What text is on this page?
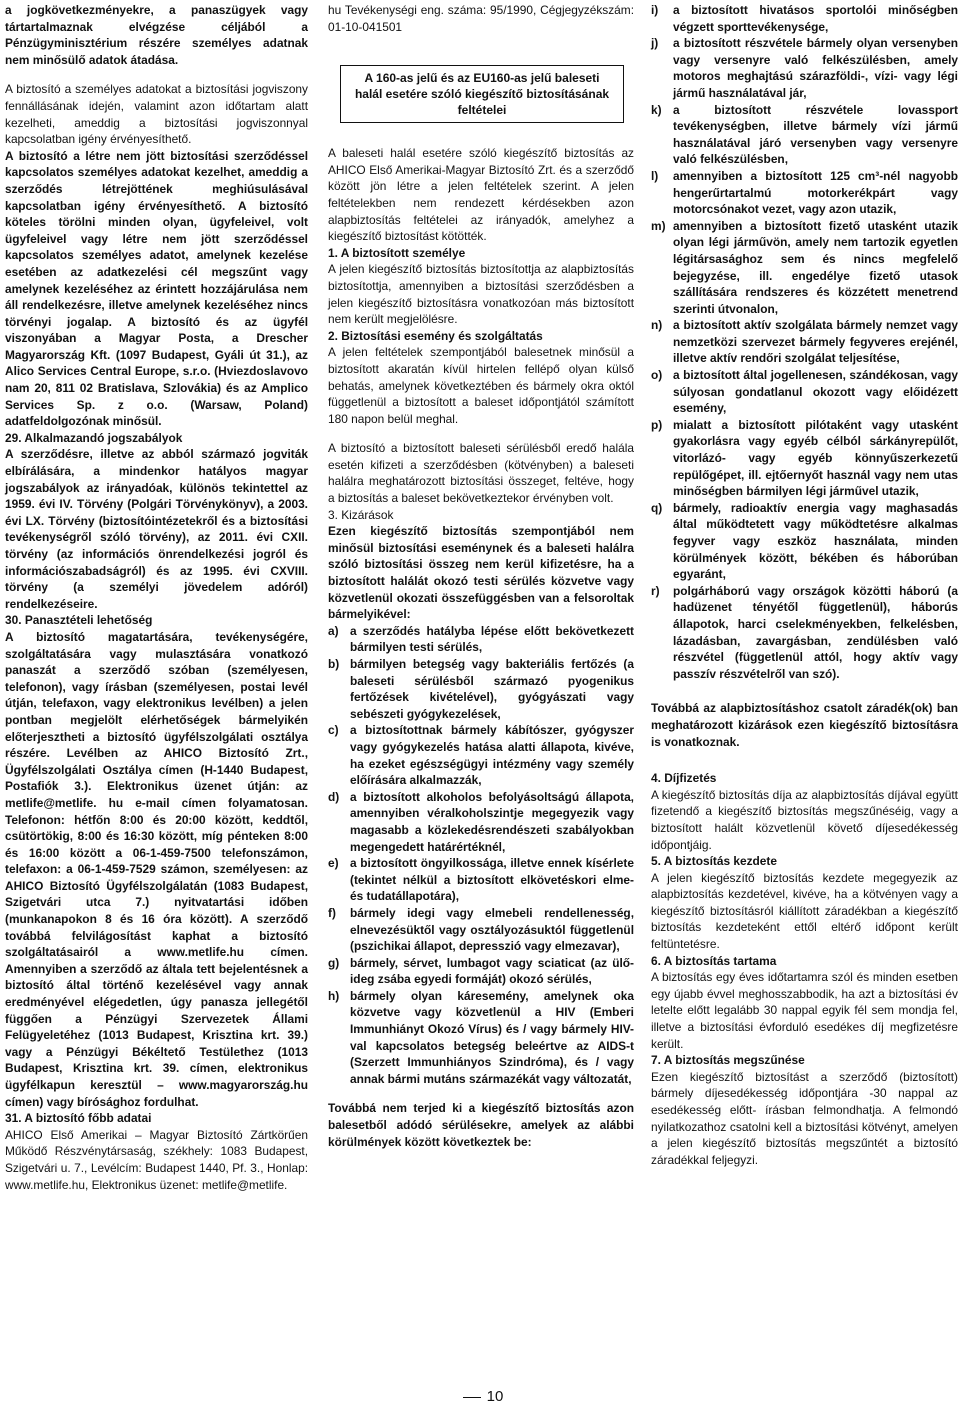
a jogkövetkezményekre, a panaszügyek vagy tártartalmaznak elvégzése céljából a Pénzügyminisztérium részére személyes adatnak nem minősülő adatok átadása.

A biztosító a személyes adatokat a biztosítási jogviszony fennállásának idején, valamint azon időtartam alatt kezelheti, ameddig a biztosítási jogviszonnyal kapcsolatban igény érvényesíthető.

A biztosító a létre nem jött biztosítási szerződéssel kapcsolatos személyes adatokat kezelhet, ameddig a szerződés létrejöttének meghiúsulásával kapcsolatban igény érvényesíthető. A biztosító köteles törölni minden olyan, ügyfeleivel, volt ügyfeleivel vagy létre nem jött szerződéssel kapcsolatos személyes adatot, amelynek kezelése esetében az adatkezelési cél megszűnt vagy amelynek kezeléséhez az érintett hozzájárulása nem áll rendelkezésre, illetve amelynek kezeléséhez nincs törvényi jogalap. A biztosító és az ügyfél viszonyában a Magyar Posta, a Drescher Magyarország Kft. (1097 Budapest, Gyáli út 31.), az Alico Services Central Europe, s.r.o. (Hviezdoslavovo nam 20, 811 02 Bratislava, Szlovákia) és az Amplico Services Sp. z o.o. (Warsaw, Poland) adatfeldolgozónak minősül.

29. Alkalmazandó jogszabályok

A szerződésre, illetve az abból származó jogviták elbírálására, a mindenkor hatályos magyar jogszabályok az irányadóak, különös tekintettel az 1959. évi IV. Törvény (Polgári Törvénykönyv), a 2003. évi LX. Törvény (biztosítóintézetekről és a biztosítási tevékenységről szóló törvény), az 2011. évi CXII. törvény (az információs önrendelkezési jogról és információszabadságról) és az 1995. évi CXVIII. törvény (a személyi jövedelem adóról) rendelkezéseire.

30. Panasztételi lehetőség

A biztosító magatartására, tevékenységére, szolgáltatására vagy mulasztására vonatkozó panaszát a szerződő szóban (személyesen, telefonon), vagy írásban (személyesen, postai levél útján, telefaxon, vagy elektronikus levélben) a jelen pontban megjelölt elérhetőségek bármelyikén előterjesztheti a biztosító ügyfélszolgálati osztálya részére. Levélben az AHICO Biztosító Zrt., Ügyfélszolgálati Osztálya címen (H-1440 Budapest, Postafiók 3.). Elektronikus üzenet útján: az metlife@metlife. hu e-mail címen folyamatosan. Telefonon: hétfőn 8:00 és 20:00 között, keddtől, csütörtökig, 8:00 és 16:30 között, míg pénteken 8:00 és 16:00 között a 06-1-459-7500 telefonszámon, telefaxon: a 06-1-459-7529 számon, személyesen: az AHICO Biztosító Ügyfélszolgálatán (1083 Budapest, Szigetvári utca 7.) nyitvatartási időben (munkanapokon 8 és 16 óra között). A szerződő továbbá felvilágosítást kaphat a biztosító szolgáltatásairól a www.metlife.hu címen. Amennyiben a szerződő az általa tett bejelentésnek a biztosító által történő kezelésével vagy annak eredményével elégedetlen, úgy panasza jellegétől függően a Pénzügyi Szervezetek Állami Felügyeletéhez (1013 Budapest, Krisztina krt. 39.) vagy a Pénzügyi Békéltető Testülethez (1013 Budapest, Krisztina krt. 39. címen, elektronikus ügyfélkapun keresztül – www.magyarország.hu címen) vagy bírósághoz fordulhat.

31. A biztosító főbb adatai

AHICO Első Amerikai – Magyar Biztosító Zártkörűen Működő Részvénytársaság, székhely: 1083 Budapest, Szigetvári u. 7., Levélcím: Budapest 1440, Pf. 3., Honlap: www.metlife.hu, Elektronikus üzenet: metlife@metlife.

hu Tevékenységi eng. száma: 95/1990, Cégjegyzékszám: 01-10-041501

A 160-as jelű és az EU160-as jelű baleseti halál esetére szóló kiegészítő biztosításának feltételei

A baleseti halál esetére szóló kiegészítő biztosítás az AHICO Első Amerikai-Magyar Biztosító Zrt. és a szerződő között jön létre a jelen feltételek szerint. A jelen feltételekben nem rendezett kérdésekben azon alapbiztosítás feltételei az irányadók, amelyhez a kiegészítő biztosítást kötötték.

1. A biztosított személye

A jelen kiegészítő biztosítás biztosítottja az alapbiztosítás biztosítottja, amennyiben a biztosítási szerződésben a jelen kiegészítő biztosításra vonatkozóan más biztosított nem került megjelölésre.

2. Biztosítási esemény és szolgáltatás

A jelen feltételek szempontjából balesetnek minősül a biztosított akaratán kívül hirtelen fellépő olyan külső behatás, amelynek következtében és bármely okra októl függetlenül a biztosított a baleset időpontjától számított 180 napon belül meghal.

A biztosító a biztosított baleseti sérülésből eredő halála esetén kifizeti a szerződésben (kötvényben) a baleseti halálra meghatározott biztosítási összeget, feltéve, hogy a biztosítás a baleset bekövetkeztekor érvényben volt.

3. Kizárások

Ezen kiegészítő biztosítás szempontjából nem minősül biztosítási eseménynek és a baleseti halálra szóló biztosítási összeg nem kerül kifizetésre, ha a biztosított halálát okozó testi sérülés közvetve vagy közvetlenül okozati összefüggésben van a felsoroltak bármelyikével:

a) a szerződés hatályba lépése előtt bekövetkezett bármilyen testi sérülés,
b) bármilyen betegség vagy bakteriális fertőzés (a baleseti sérülésből származó pyogenikus fertőzések kivételével), gyógyászati vagy sebészeti gyógykezelések,
c) a biztosítottnak bármely kábítószer, gyógyszer vagy gyógykezelés hatása alatti állapota, kivéve, ha ezeket egészségügyi intézmény vagy személy előírására alkalmazzák,
d) a biztosított alkoholos befolyásoltságú állapota, amennyiben véralkoholszintje megegyezik vagy magasabb a közlekedésrendészeti szabályokban megengedett határértéknél,
e) a biztosított öngyilkossága, illetve ennek kísérlete (tekintet nélkül a biztosított elkövetéskori elme- és tudatállapotára),
f)	bármely idegi vagy elmebeli rendellenesség, elnevezésüktől vagy osztályozásuktól függetlenül (pszichikai állapot, depresszió vagy elmezavar),
g) bármely, sérvet, lumbagot vagy sciaticat (az ülő-ideg zsába egyedi formáját) okozó sérülés,
h) bármely olyan káresemény, amelynek oka közvetve vagy közvetlenül a HIV (Emberi Immunhiányt Okozó Vírus) és / vagy bármely HIV-val kapcsolatos betegség beleértve az AIDS-t (Szerzett Immunhiányos Szindróma), és / vagy annak bármi mutáns származékát vagy változatát,

Továbbá nem terjed ki a kiegészítő biztosítás azon balesetből adódó sérülésekre, amelyek az alábbi körülmények között következtek be:

i)	a biztosított hivatásos sportolói minőségben végzett sporttevékenysége,
j)	a biztosított részvétele bármely olyan versenyben vagy versenyre való felkészülésben, amely motoros meghajtású szárazföldi-, vízi- vagy légi jármű használatával jár,
k) a biztosított részvétele lovassport tevékenységben, illetve bármely vízi jármű használatával járó versenyben vagy versenyre való felkészülésben,
l)	amennyiben a biztosított 125 cm³-nél nagyobb hengerűrtartalmú motorkerékpárt vagy motorcsónakot vezet, vagy azon utazik,
m) amennyiben a biztosított fizető utasként utazik olyan légi járművön, amely nem tartozik egyetlen légitársasághoz sem és nincs megfelelő bejegyzése, ill. engedélye fizető utasok szállítására rendszeres és közzétett menetrend szerinti útvonalon,
n) a biztosított aktív szolgálata bármely nemzet vagy nemzetközi szervezet bármely fegyveres erejénél, illetve aktív rendőri szolgálat teljesítése,
o) a biztosított által jogellenesen, szándékosan, vagy súlyosan gondatlanul okozott vagy előidézett esemény,
p) mialatt a biztosított pilótaként vagy utasként gyakorlásra vagy egyéb célból sárkányrepülőt, vitorlázó- vagy egyéb könnyűszerkezetű repülőgépet, ill. ejtőernyőt használ vagy nem utas minőségben bármilyen légi járművel utazik,
q) bármely, radioaktív energia vagy maghasadás által működtetett vagy működtetésre alkalmas fegyver vagy eszköz használata, minden körülmények között, békében és háborúban egyaránt,
r)	polgárháború vagy országok közötti háború (a hadüzenet tényétől függetlenül), háborús állapotok, harci cselekményekben, felkelésben, lázadásban, zavargásban, zendülésben való részvétel (függetlenül attól, hogy aktív vagy passzív részvételről van szó).

Továbbá az alapbiztosításhoz csatolt záradék(ok) ban meghatározott kizárások ezen kiegészítő biztosításra is vonatkoznak.

4. Díjfizetés

A kiegészítő biztosítás díja az alapbiztosítás díjával együtt fizetendő a kiegészítő biztosítás megszűnéséig, vagy a biztosított halált közvetlenül követő díjesedékesség időpontjáig.

5. A biztosítás kezdete

A jelen kiegészítő biztosítás kezdete megegyezik az alapbiztosítás kezdetével, kivéve, ha a kötvényen vagy a kiegészítő biztosításról kiállított záradékban a kiegészítő biztosítás kezdeteként ettől eltérő időpont került feltüntetésre.

6. A biztosítás tartama

A biztosítás egy éves időtartamra szól és minden esetben egy újabb évvel meghosszabbodik, ha azt a biztosítási év letelte előtt legalább 30 nappal egyik fél sem mondja fel, illetve a biztosítási évforduló esedékes díj megfizetésre került.

7. A biztosítás megszűnése

Ezen kiegészítő biztosítást a szerződő (biztosított) bármely díjesedékesség időpontjára -30 nappal az esedékesség előtt- írásban felmondhatja. A felmondó nyilatkozathoz csatolni kell a biztosítási kötvényt, amelyen a jelen kiegészítő biztosítás megszűntét a biztosító záradékkal feljegyzi.

10
